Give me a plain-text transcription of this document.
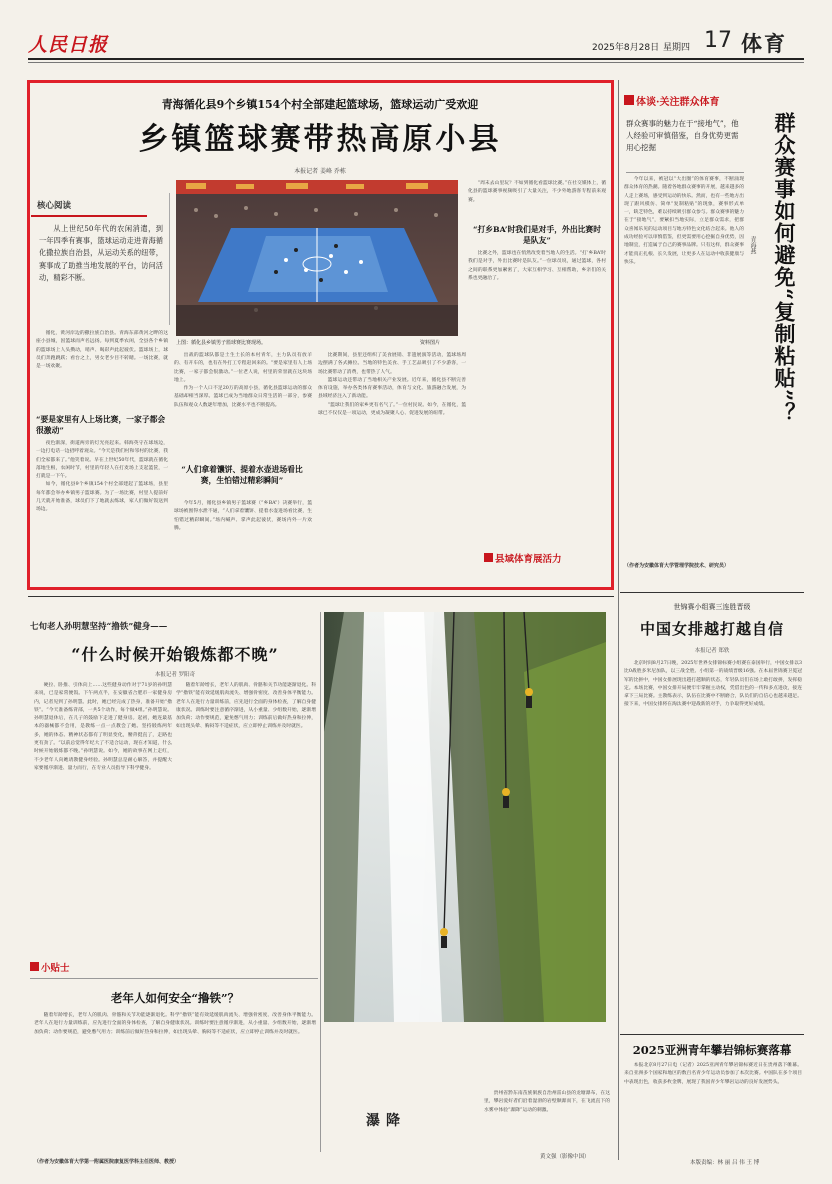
人民日报	2025年8月28日 星期四 17 体育
青海循化县9个乡镇154个村全部建起篮球场，篮球运动广受欢迎
乡镇篮球赛带热高原小县
本报记者 姜峰 乔栋
核心阅读
从上世纪50年代的农闲消遣，到一年四季有赛事，篮球运动走进青海循化撒拉族自治县，从运动关系的纽带，赛事成了助推当地发展的平台，访问活动，精彩不断。
上图：循化县乡镇男子篮球赛比赛现场。	资料图片

循化，黄河岸边的撒拉族自治县。青海东部黄河之畔的这座小县城，因篮球而声名远扬。每到夏季农闲，全县各个乡镇的篮球场上人头攒动，哨声、喝彩声此起彼伏。篮球场上，球员们奔跑跳跃；看台之上，男女老少目不转睛。一场比赛，就是一场欢聚。

“要是家里有人上场比赛，一家子都会很激动”

夜色渐深，街道两旁的灯光亮起来。韩海英守在球场边，一边打电话一边招呼着观众。“今天是我们村和邻村的比赛，我们全家都来了。”他笑着说。早在上世纪50年代，篮球就在循化落地生根，农闲时节，村里的年轻人在打麦场上支起篮筐，一打就是一下午。

如今，循化县9个乡镇154个村全部建起了篮球场，县里每年都会举办乡镇男子篮球赛。为了一场比赛，村里人提前好几天就开始准备，球员们下了地就去练球，家人们做好饭送到场边。

出战的篮球队都是土生土长的本村青年，主力队员有放羊的、有开车的，也有在外打工专程赶回来的。“要是家里有人上场比赛，一家子都会很激动。”一位老人说，村里的荣誉就在这块场地上。

作为一个人口不足20万的高原小县，循化县篮球运动的群众基础却相当深厚。篮球已成为当地群众日常生活的一部分，参赛队伍和观众人数逐年增加，比赛水平也不断提高。

“人们拿着馕饼、提着水壶进场看比赛，生怕错过精彩瞬间”

今年5月，循化县乡镇男子篮球赛（“乡BA”）决赛举行，篮球场被围得水泄不通，“人们拿着馕饼、提着水壶进场看比赛，生怕错过精彩瞬间。”场内喊声、掌声此起彼伏，赛场内外一片欢腾。

比赛期间，县里还组织了美食展销、非遗展演等活动，篮球场周边摆满了各式摊位。当地的特色美食、手工艺品吸引了不少游客，一场比赛带动了消费，也带热了人气。

篮球运动还带动了当地相关产业发展。近年来，循化县不断完善体育设施，举办各类体育赛事活动，体育与文化、旅游融合发展，为县域经济注入了新动能。

“篮球让我们的家乡更有名气了。”一位村民说。如今，在循化，篮球已不仅仅是一项运动，更成为凝聚人心、促进发展的纽带。

“周末去山里玩？不如到循化看篮球比赛。”在社交媒体上，循化县的篮球赛事视频吸引了大量关注，不少外地游客专程前来观赛。

“打乡BA’时我们是对手，外出比赛时是队友”

比赛之外，篮球也在悄然改变着当地人的生活。“打‘乡BA’时我们是对手，外出比赛时是队友。”一位球员说，通过篮球，各村之间的联系更加紧密了，大家互相学习、互相帮助，乡亲们的关系也更融洽了。

县域体育展活力
体谈·关注群众体育
群众赛事的魅力在于“接地气”，他人经验可审慎借鉴，自身优势更需用心挖掘	群众赛事如何避免“复制粘贴”？
青海燕

今年以来，被冠以“大出圈”的体育赛事，不断涌现群众体育的热潮。随着各地群众赛事的开展，越来越多的人走上赛场，感受到运动的快乐。然而，也有一些地方出现了跟风模仿、简单“复制粘贴”的现象，赛事形式单一，缺乏特色，难以持续吸引群众参与。群众赛事的魅力在于“接地气”，要紧扣当地实际，立足群众需求，把群众喜闻乐见的运动项目与地方特色文化结合起来。他人的成功经验可以审慎借鉴，但更需要用心挖掘自身优势，因地制宜，打造属于自己的赛事品牌。只有这样，群众赛事才能真正扎根、长久发展，让更多人在运动中收获健康与快乐。

（作者为安徽体育大学管理学院技术、研究员）
世锦赛小组赛三连胜晋级
中国女排越打越自信
本报记者 郑轶

北京时间8月27日晚，2025年世界女排锦标赛小组赛在泰国举行，中国女排以3比0战胜多米尼加队，以三战全胜、小组第一的战绩晋级16强。在本届世锦赛卫冕冠军的比拼中，中国女排展现出越打越顺的状态，年轻队员们在场上敢打敢拼，发挥稳定。本场比赛，中国女排开局便牢牢掌握主动权，凭借出色的一传和多点进攻，接连拿下三局比赛。主教练表示，队伍在比赛中不断磨合，队员们的自信心也越来越足。接下来，中国女排将在淘汰赛中迎战新的对手，力争取得更好成绩。

2025亚洲青年攀岩锦标赛落幕

本报北京8月27日电（记者）2025亚洲青年攀岩锦标赛近日在贵州落下帷幕。来自亚洲多个国家和地区的数百名青少年运动员参加了本次比赛。中国队在多个项目中表现出色，收获多枚金牌，展现了我国青少年攀岩运动的良好发展势头。

本版责编：林 丽 吕 伟 王 博
七旬老人孙明慧坚持“撸铁”健身——
“什么时候开始锻炼都不晚”
本报记者 罗阳奇

硬拉、卧推、引体向上……这些健身动作对于71岁的孙明慧来说，已是家常便饭。下午两点半，在安徽省合肥市一家健身房内，记者见到了孙明慧。此时，她已经完成了热身，准备开始“撸铁”。“今天准备练背部，一共5个动作，每个做4组。”孙明慧说。孙明慧退休后，在儿子的鼓励下走进了健身房。起初，她连最基本的器械都不会用，是教练一点一点教会了她。坚持锻炼两年多，她的体态、精神状态都有了明显变化，腰背挺直了，走路也更有劲了。“以前总觉得年纪大了不适合运动，现在才知道，什么时候开始锻炼都不晚。”孙明慧说。如今，她的故事在网上走红，不少老年人向她请教健身经验。孙明慧总是耐心解答，并提醒大家要循序渐进、量力而行，在专业人员指导下科学健身。

随着年龄增长，老年人的肌肉、骨骼和关节功能逐渐退化。科学“撸铁”能有效延缓肌肉流失、增强骨密度、改善身体平衡能力。老年人在进行力量训练前，应先进行全面的身体检查，了解自身健康状况。训练时要注意循序渐进，从小重量、少组数开始，逐渐增加负荷；动作要规范，避免憋气用力；训练前后做好热身和拉伸，如出现头晕、胸闷等不适症状，应立即停止训练并及时就医。

小贴士
老年人如何安全“撸铁”？

随着年龄增长，老年人的肌肉、骨骼和关节功能逐渐退化。科学“撸铁”能有效延缓肌肉流失、增强骨密度、改善身体平衡能力。老年人在进行力量训练前，应先进行全面的身体检查，了解自身健康状况。训练时要注意循序渐进，从小重量、少组数开始，逐渐增加负荷；动作要规范，避免憋气用力；训练前后做好热身和拉伸，如出现头晕、胸闷等不适症状，应立即停止训练并及时就医。

（作者为安徽体育大学第一附属医院康复医学科主任医师、教授）
瀑降

贵州省黔东南苗族侗族自治州雷山县的龙塘瀑布，在这里，攀岩爱好者们沿着湿滑的岩壁顺瀑而下，在飞流直下的水雾中体验“瀑降”运动的刺激。

黄文强（影像中国）
